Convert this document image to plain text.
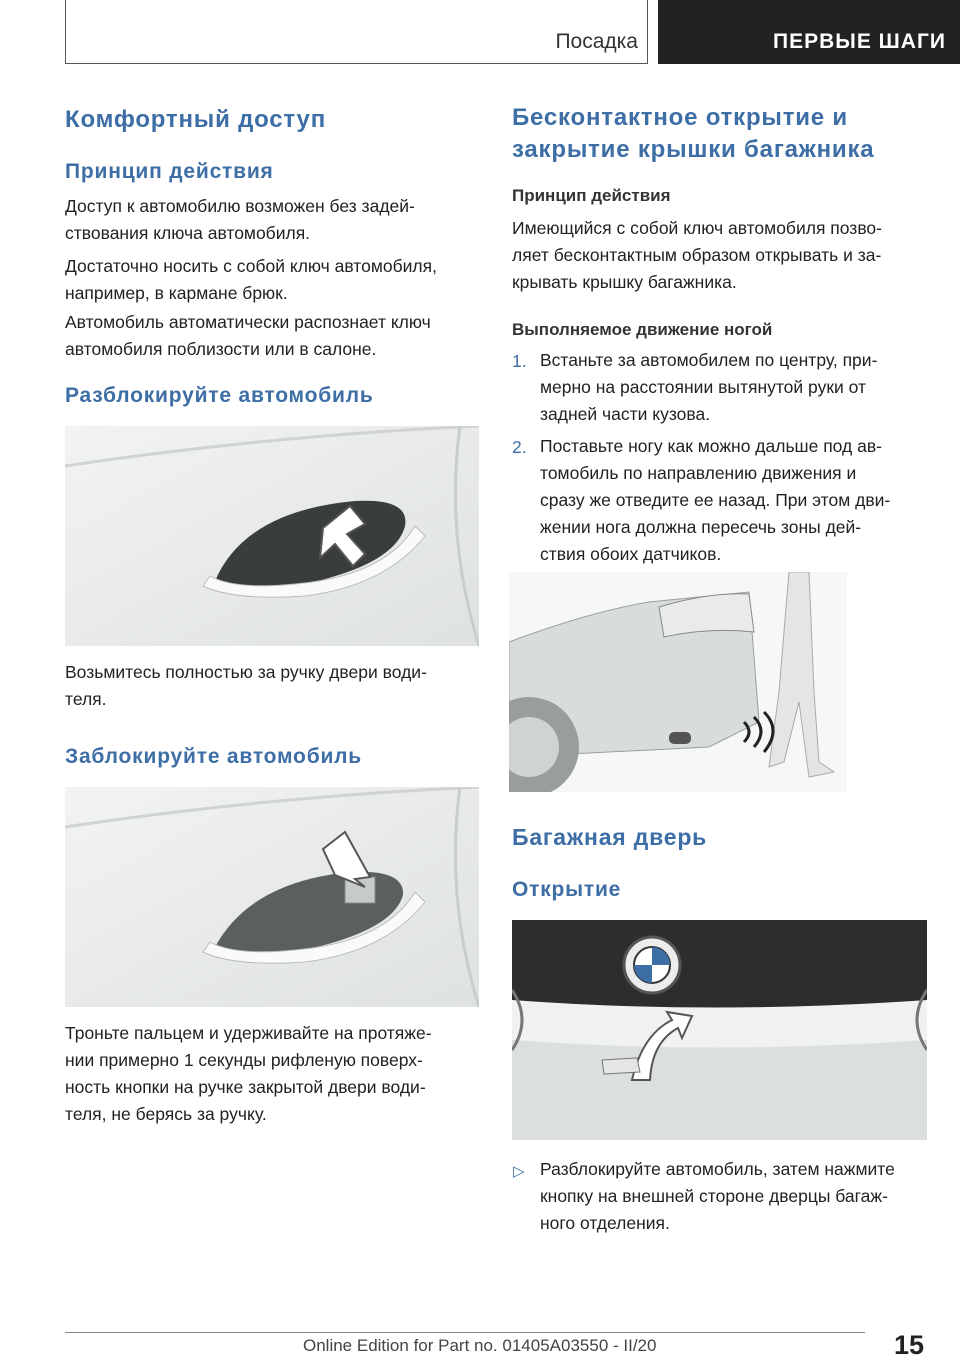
Посадка	ПЕРВЫЕ ШАГИ
Комфортный доступ
Принцип действия

Доступ к автомобилю возможен без задей-
ствования ключа автомобиля.

Достаточно носить с собой ключ автомобиля,
например, в кармане брюк.

Автомобиль автоматически распознает ключ
автомобиля поблизости или в салоне.

Разблокируйте автомобиль

Возьмитесь полностью за ручку двери води-
теля.

Заблокируйте автомобиль

Троньте пальцем и удерживайте на протяже-
нии примерно 1 секунды рифленую поверх-
ность кнопки на ручке закрытой двери води-
теля, не берясь за ручку.

Бесконтактное открытие и
закрытие крышки багажника
Принцип действия

Имеющийся с собой ключ автомобиля позво-
ляет бесконтактным образом открывать и за-
крывать крышку багажника.

Выполняемое движение ногой
1. Встаньте за автомобилем по центру, при-
мерно на расстоянии вытянутой руки от
задней части кузова.
2. Поставьте ногу как можно дальше под ав-
томобиль по направлению движения и
сразу же отведите ее назад. При этом дви-
жении нога должна пересечь зоны дей-
ствия обоих датчиков.
Багажная дверь
Открытие
▷ Разблокируйте автомобиль, затем нажмите
кнопку на внешней стороне дверцы багаж-
ного отделения.
15
Online Edition for Part no. 01405A03550 - II/20
